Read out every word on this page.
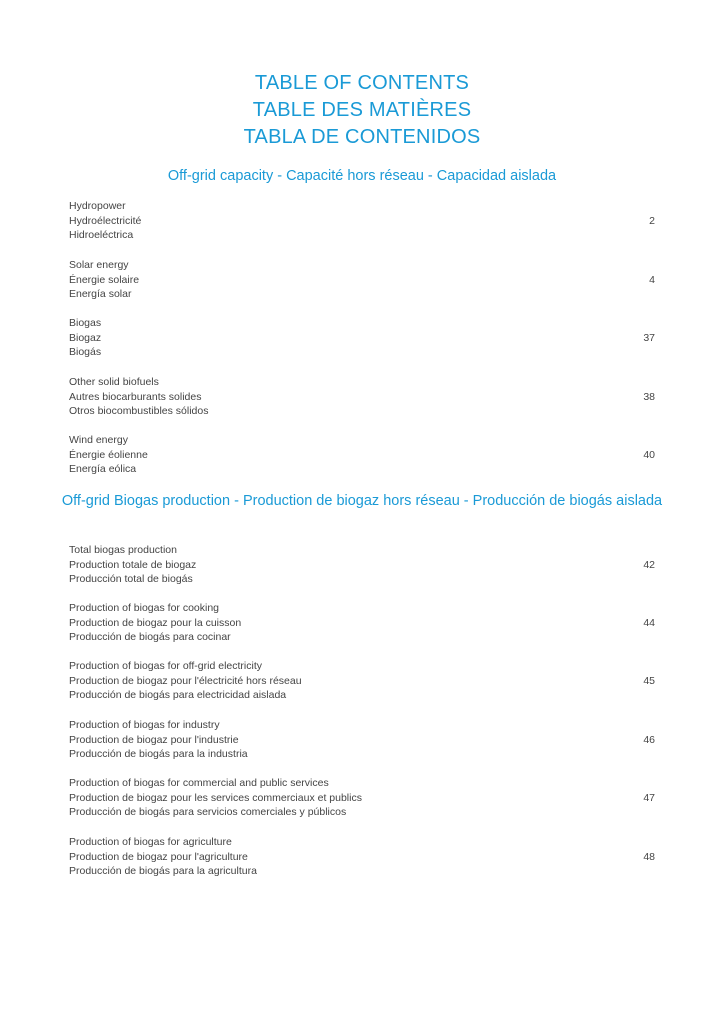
TABLE OF CONTENTS
TABLE DES MATIÈRES
TABLA DE CONTENIDOS
Off-grid capacity - Capacité hors réseau - Capacidad aislada
Hydropower
Hydroélectricité
Hidroeléctrica
2
Solar energy
Énergie solaire
Energía solar
4
Biogas
Biogaz
Biogás
37
Other solid biofuels
Autres biocarburants solides
Otros biocombustibles sólidos
38
Wind energy
Énergie éolienne
Energía eólica
40
Off-grid Biogas production - Production de biogaz hors réseau - Producción de biogás aislada
Total biogas production
Production totale de biogaz
Producción total de biogás
42
Production of biogas for cooking
Production de biogaz pour la cuisson
Producción de biogás para cocinar
44
Production of biogas for off-grid electricity
Production de biogaz pour l'électricité hors réseau
Producción de biogás para electricidad aislada
45
Production of biogas for industry
Production de biogaz pour l'industrie
Producción de biogás para la industria
46
Production of biogas for commercial and public services
Production de biogaz pour les services commerciaux et publics
Producción de biogás para servicios comerciales y públicos
47
Production of biogas for agriculture
Production de biogaz pour l'agriculture
Producción de biogás para la agricultura
48
